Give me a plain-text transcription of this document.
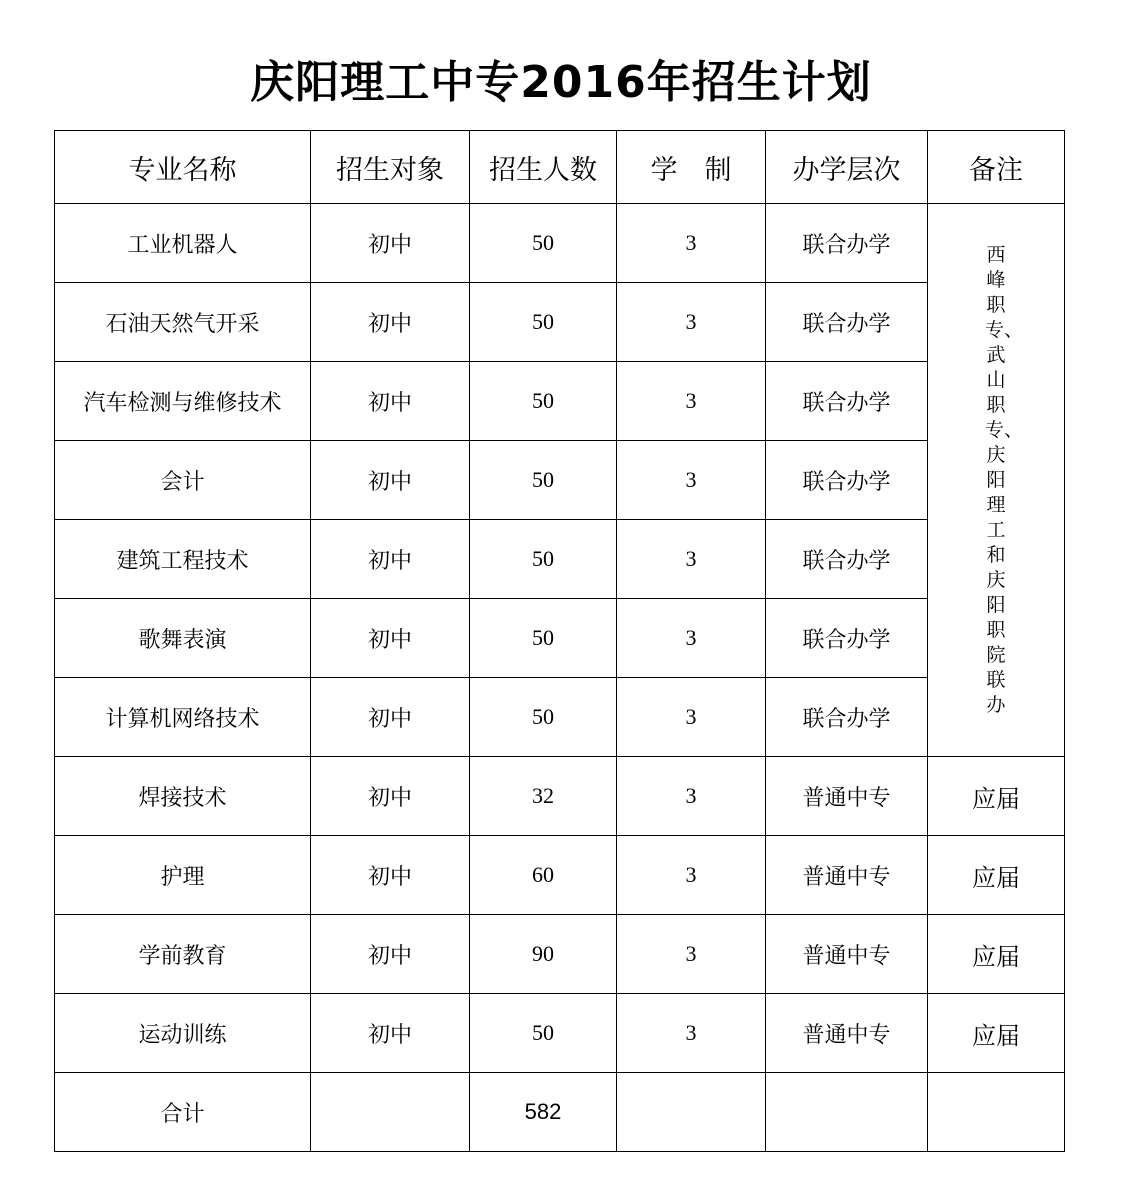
庆阳理工中专2016年招生计划
专业名称	招生对象	招生人数	学　制	办学层次	备注
工业机器人	初中	50	3	联合办学	西峰职专、武山职专、庆阳理工和庆阳职院联办
石油天然气开采	初中	50	3	联合办学	
汽车检测与维修技术	初中	50	3	联合办学	
会计	初中	50	3	联合办学	
建筑工程技术	初中	50	3	联合办学	
歌舞表演	初中	50	3	联合办学	
计算机网络技术	初中	50	3	联合办学	
焊接技术	初中	32	3	普通中专	应届
护理	初中	60	3	普通中专	应届
学前教育	初中	90	3	普通中专	应届
运动训练	初中	50	3	普通中专	应届
合计		582			
